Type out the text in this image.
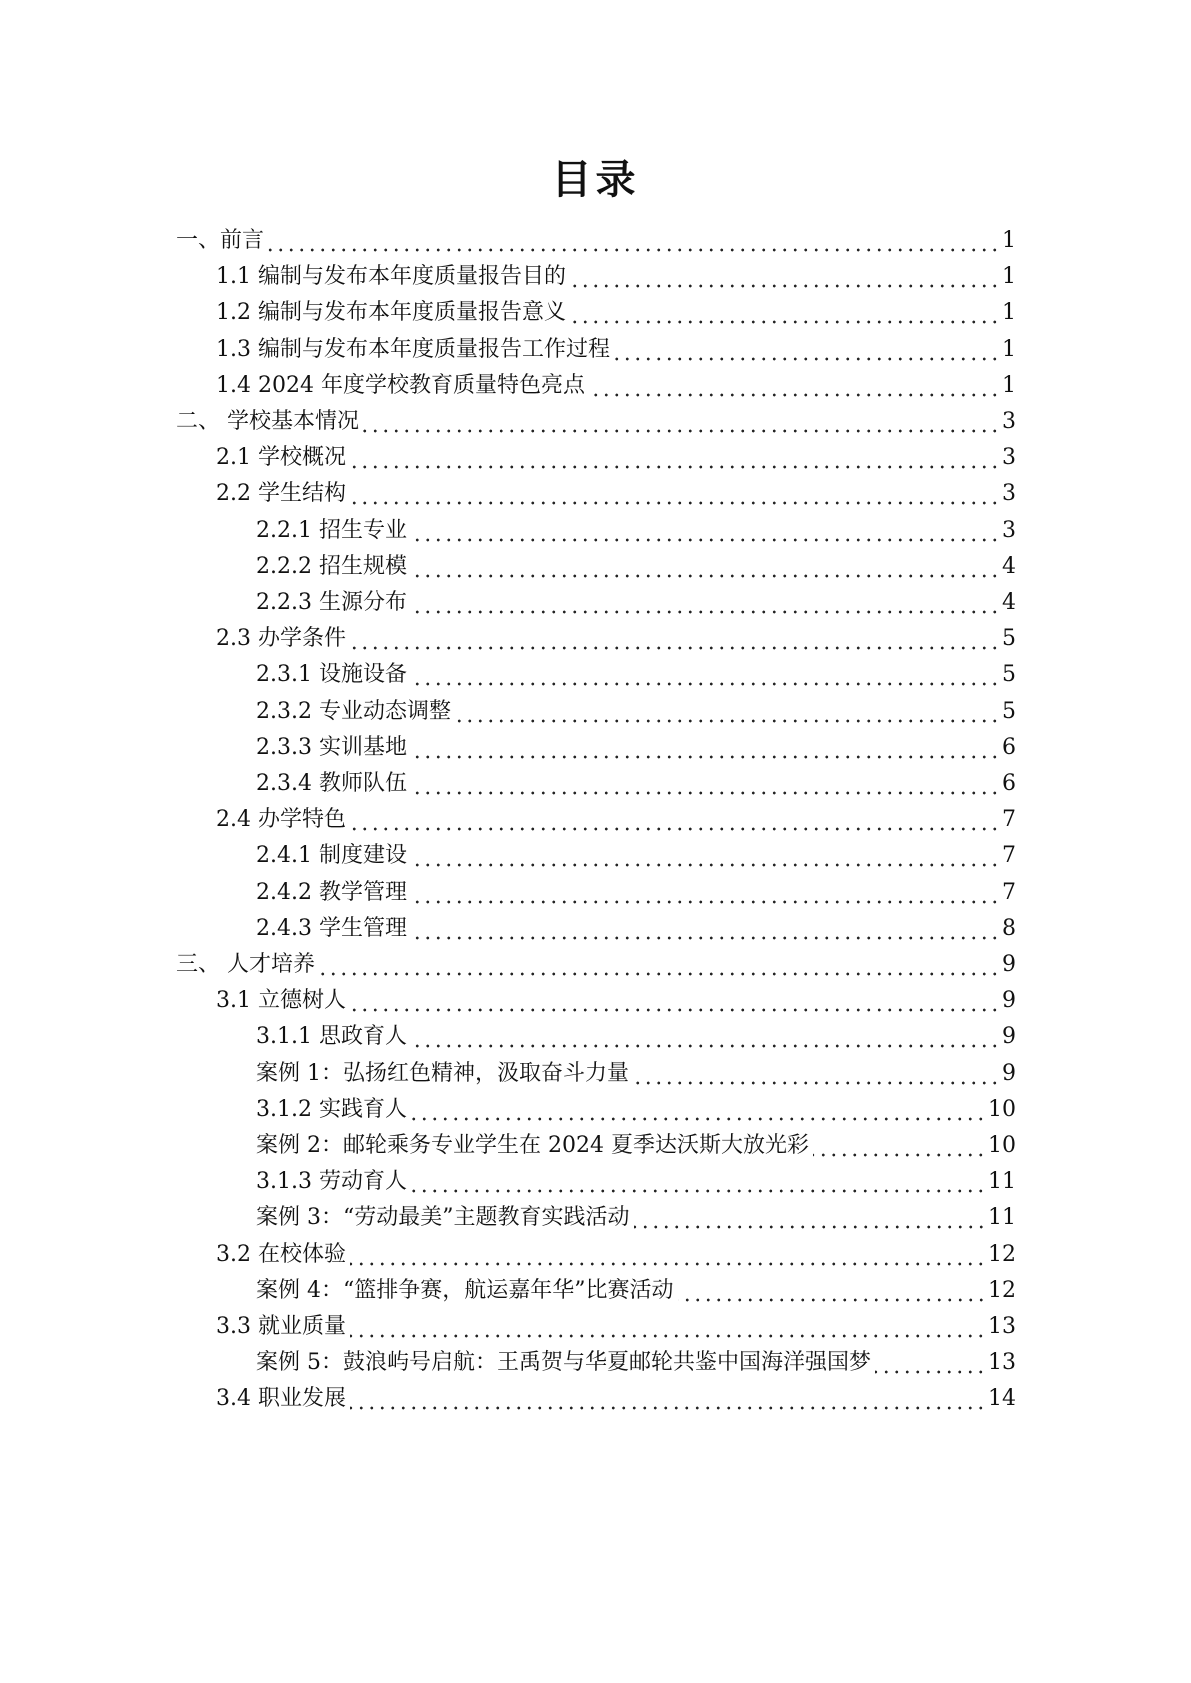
目录
一、前言	1
1.1 编制与发布本年度质量报告目的	1
1.2 编制与发布本年度质量报告意义	1
1.3 编制与发布本年度质量报告工作过程	1
1.4 2024 年度学校教育质量特色亮点	1
二、 学校基本情况	3
2.1 学校概况	3
2.2 学生结构	3
2.2.1 招生专业	3
2.2.2 招生规模	4
2.2.3 生源分布	4
2.3 办学条件	5
2.3.1 设施设备	5
2.3.2 专业动态调整	5
2.3.3 实训基地	6
2.3.4 教师队伍	6
2.4 办学特色	7
2.4.1 制度建设	7
2.4.2 教学管理	7
2.4.3 学生管理	8
三、 人才培养	9
3.1 立德树人	9
3.1.1 思政育人	9
案例 1：弘扬红色精神，汲取奋斗力量	9
3.1.2 实践育人	10
案例 2：邮轮乘务专业学生在 2024 夏季达沃斯大放光彩	10
3.1.3 劳动育人	11
案例 3：“劳动最美”主题教育实践活动	11
3.2 在校体验	12
案例 4：“篮排争赛，航运嘉年华”比赛活动	12
3.3 就业质量	13
案例 5：鼓浪屿号启航：王禹贺与华夏邮轮共鉴中国海洋强国梦	13
3.4 职业发展	14
